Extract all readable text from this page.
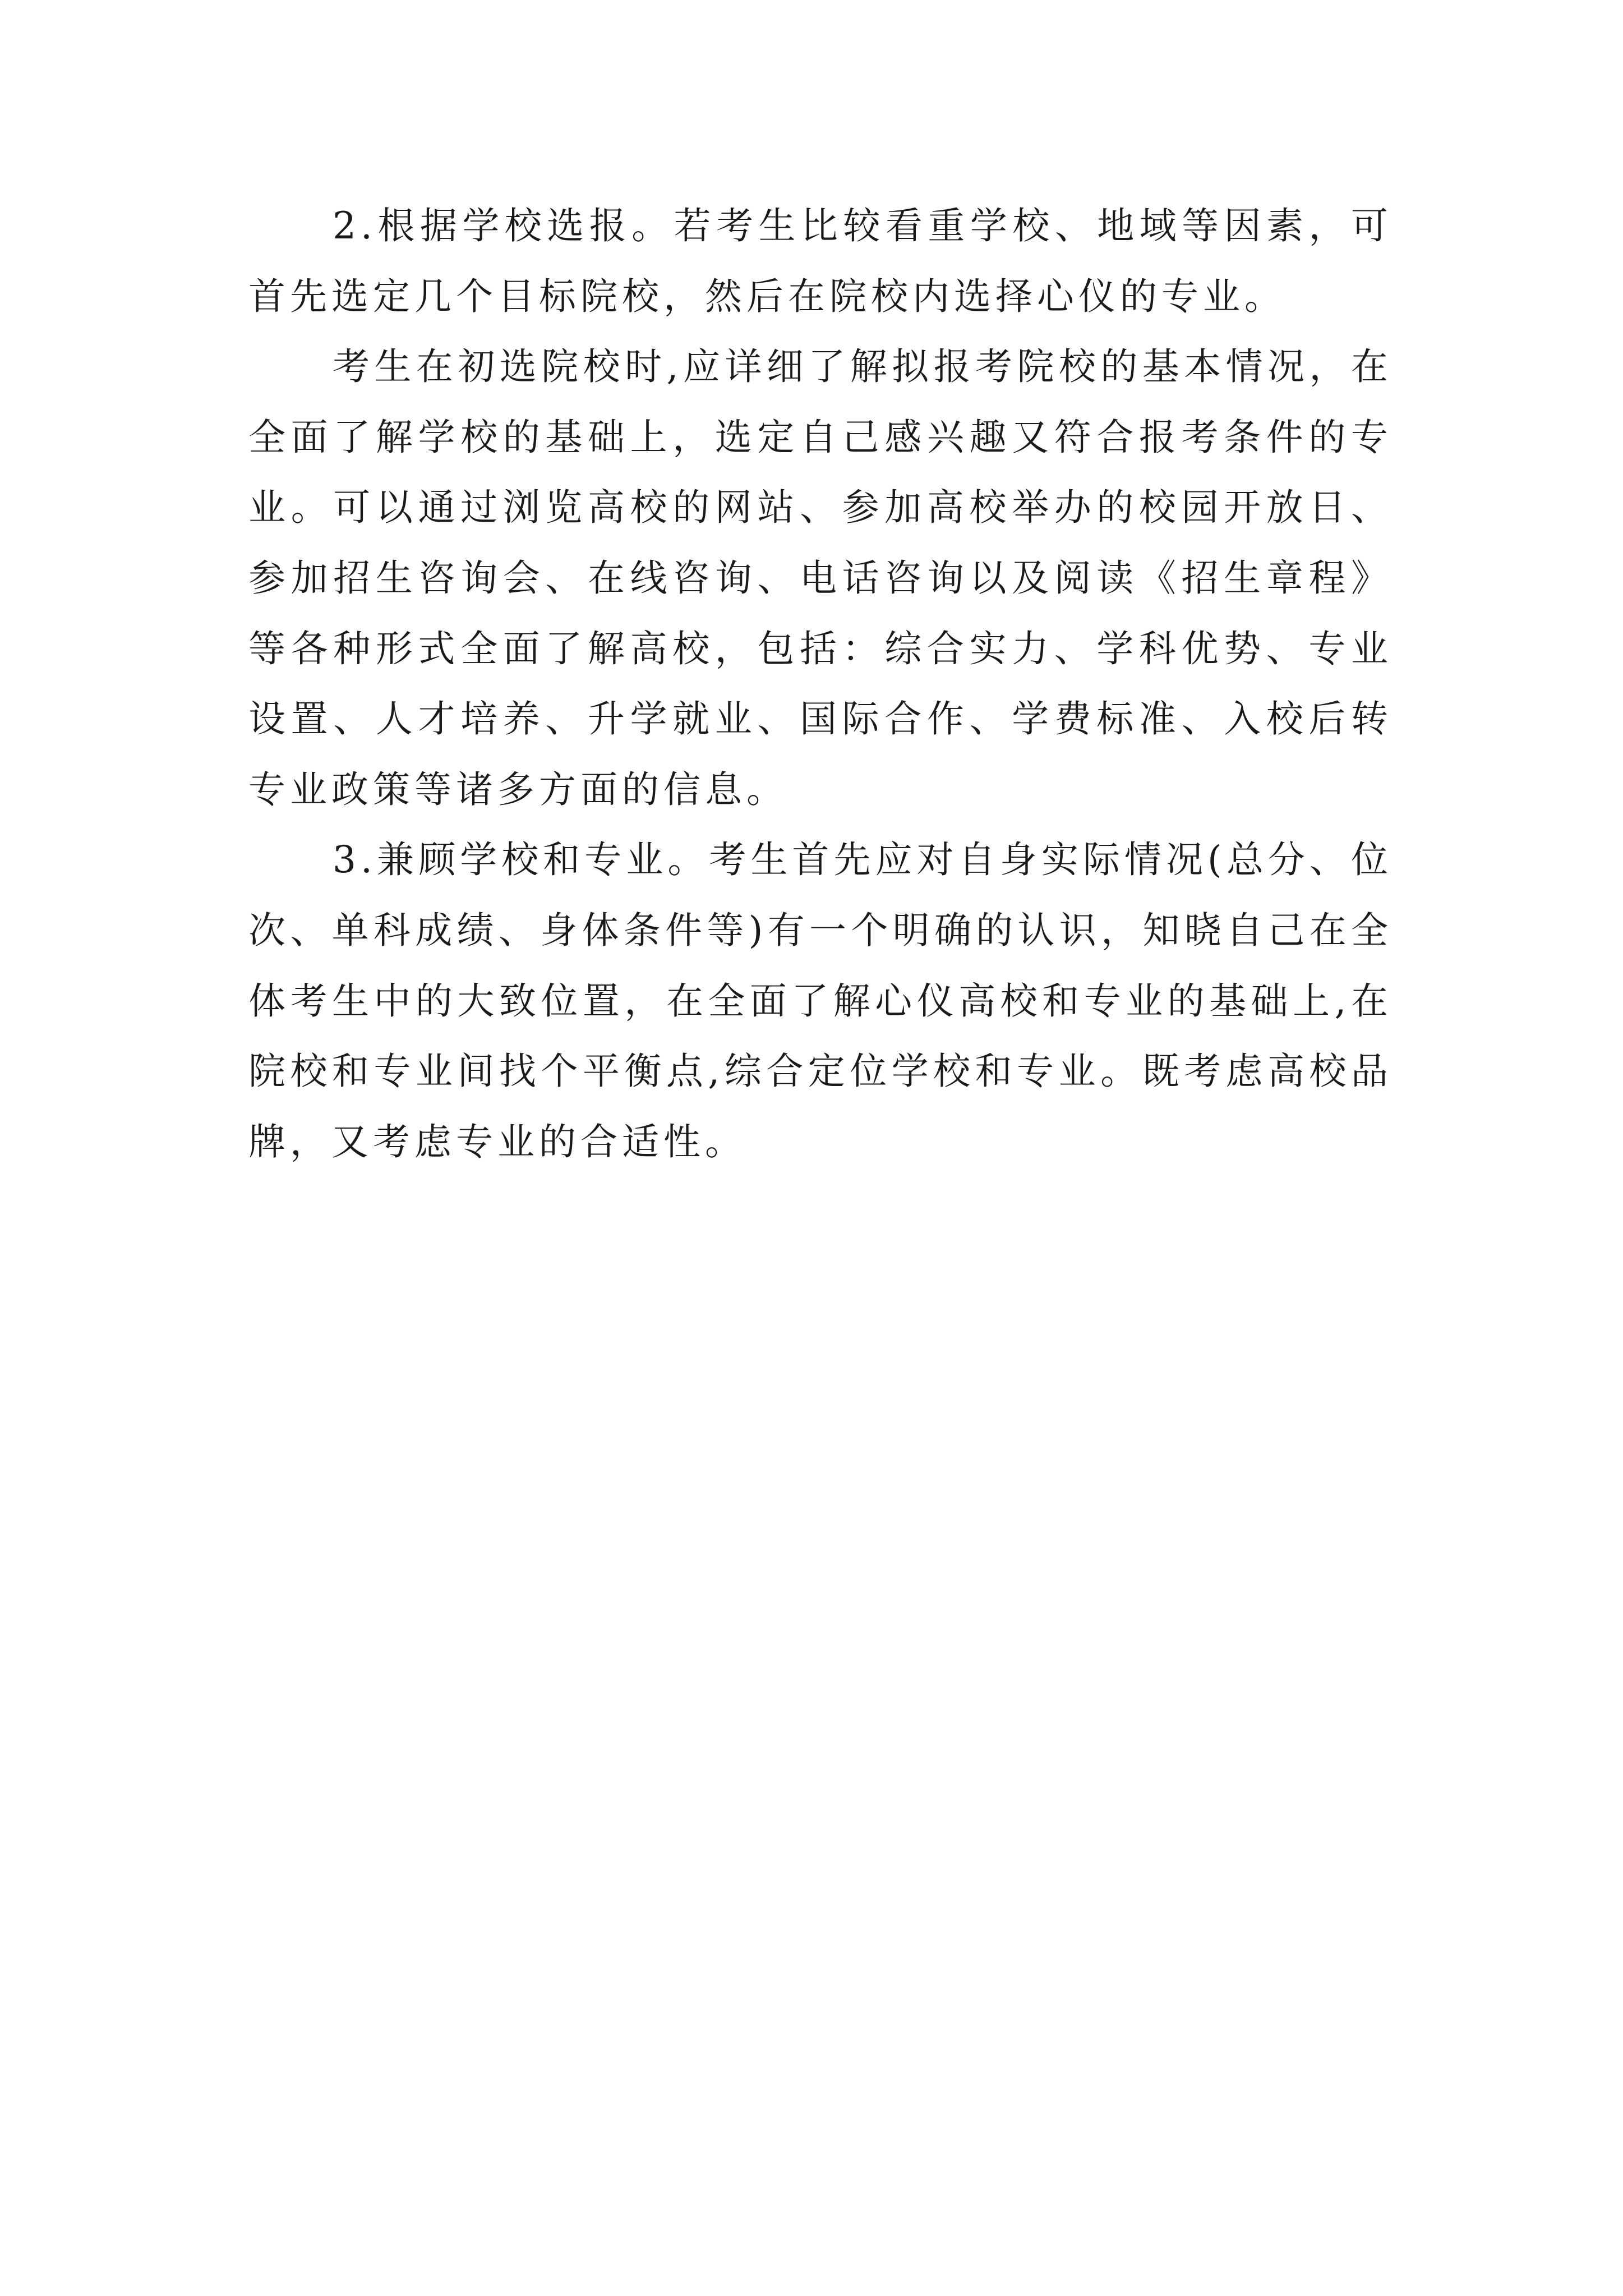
2.根据学校选报。若考生比较看重学校、地域等因素，可首先选定几个目标院校，然后在院校内选择心仪的专业。

考生在初选院校时,应详细了解拟报考院校的基本情况，在全面了解学校的基础上，选定自己感兴趣又符合报考条件的专业。可以通过浏览高校的网站、参加高校举办的校园开放日、参加招生咨询会、在线咨询、电话咨询以及阅读《招生章程》等各种形式全面了解高校，包括：综合实力、学科优势、专业设置、人才培养、升学就业、国际合作、学费标准、入校后转专业政策等诸多方面的信息。

3.兼顾学校和专业。考生首先应对自身实际情况(总分、位次、单科成绩、身体条件等)有一个明确的认识，知晓自己在全体考生中的大致位置，在全面了解心仪高校和专业的基础上,在院校和专业间找个平衡点,综合定位学校和专业。既考虑高校品牌，又考虑专业的合适性。
